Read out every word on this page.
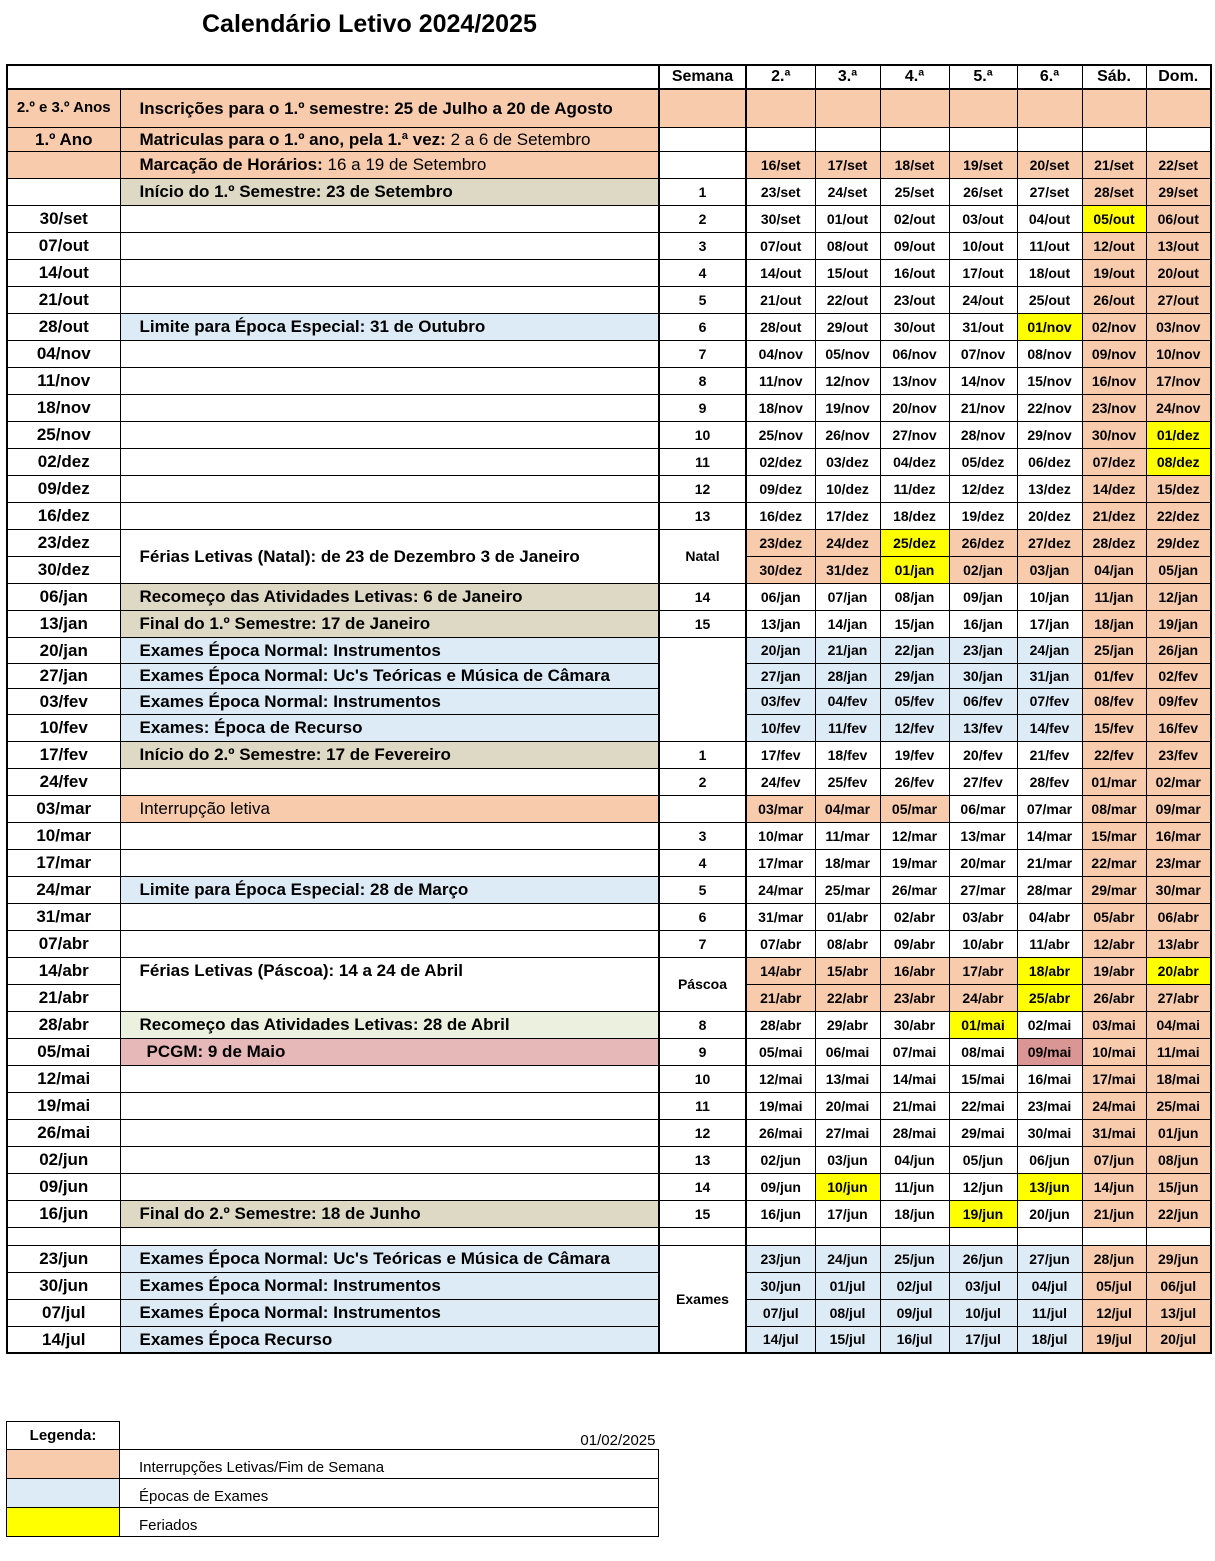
Calendário Letivo 2024/2025
		Semana	2.ª	3.ª	4.ª	5.ª	6.ª	Sáb.	Dom.
2.º e 3.º Anos	Inscrições para o 1.º semestre: 25 de Julho a 20 de Agosto								
1.º Ano	Matriculas para o 1.º ano, pela 1.ª vez: 2 a 6 de Setembro								
	Marcação de Horários: 16 a 19 de Setembro		16/set	17/set	18/set	19/set	20/set	21/set	22/set
	Início do 1.º Semestre: 23 de Setembro	1	23/set	24/set	25/set	26/set	27/set	28/set	29/set
30/set		2	30/set	01/out	02/out	03/out	04/out	05/out	06/out
07/out		3	07/out	08/out	09/out	10/out	11/out	12/out	13/out
14/out		4	14/out	15/out	16/out	17/out	18/out	19/out	20/out
21/out		5	21/out	22/out	23/out	24/out	25/out	26/out	27/out
28/out	Limite para Época Especial: 31 de Outubro	6	28/out	29/out	30/out	31/out	01/nov	02/nov	03/nov
04/nov		7	04/nov	05/nov	06/nov	07/nov	08/nov	09/nov	10/nov
11/nov		8	11/nov	12/nov	13/nov	14/nov	15/nov	16/nov	17/nov
18/nov		9	18/nov	19/nov	20/nov	21/nov	22/nov	23/nov	24/nov
25/nov		10	25/nov	26/nov	27/nov	28/nov	29/nov	30/nov	01/dez
02/dez		11	02/dez	03/dez	04/dez	05/dez	06/dez	07/dez	08/dez
09/dez		12	09/dez	10/dez	11/dez	12/dez	13/dez	14/dez	15/dez
16/dez		13	16/dez	17/dez	18/dez	19/dez	20/dez	21/dez	22/dez
23/dez	Férias Letivas (Natal): de 23 de Dezembro 3 de Janeiro	Natal	23/dez	24/dez	25/dez	26/dez	27/dez	28/dez	29/dez
30/dez			30/dez	31/dez	01/jan	02/jan	03/jan	04/jan	05/jan
06/jan	Recomeço das Atividades Letivas: 6 de Janeiro	14	06/jan	07/jan	08/jan	09/jan	10/jan	11/jan	12/jan
13/jan	Final do 1.º Semestre: 17 de Janeiro	15	13/jan	14/jan	15/jan	16/jan	17/jan	18/jan	19/jan
20/jan	Exames Época Normal: Instrumentos		20/jan	21/jan	22/jan	23/jan	24/jan	25/jan	26/jan
27/jan	Exames Época Normal: Uc's Teóricas e Música de Câmara		27/jan	28/jan	29/jan	30/jan	31/jan	01/fev	02/fev
03/fev	Exames Época Normal: Instrumentos		03/fev	04/fev	05/fev	06/fev	07/fev	08/fev	09/fev
10/fev	Exames: Época de Recurso		10/fev	11/fev	12/fev	13/fev	14/fev	15/fev	16/fev
17/fev	Início do 2.º Semestre: 17 de Fevereiro	1	17/fev	18/fev	19/fev	20/fev	21/fev	22/fev	23/fev
24/fev		2	24/fev	25/fev	26/fev	27/fev	28/fev	01/mar	02/mar
03/mar	Interrupção letiva		03/mar	04/mar	05/mar	06/mar	07/mar	08/mar	09/mar
10/mar		3	10/mar	11/mar	12/mar	13/mar	14/mar	15/mar	16/mar
17/mar		4	17/mar	18/mar	19/mar	20/mar	21/mar	22/mar	23/mar
24/mar	Limite para Época Especial: 28 de Março	5	24/mar	25/mar	26/mar	27/mar	28/mar	29/mar	30/mar
31/mar		6	31/mar	01/abr	02/abr	03/abr	04/abr	05/abr	06/abr
07/abr		7	07/abr	08/abr	09/abr	10/abr	11/abr	12/abr	13/abr
14/abr	Férias Letivas (Páscoa): 14 a 24 de Abril	Páscoa	14/abr	15/abr	16/abr	17/abr	18/abr	19/abr	20/abr
21/abr			21/abr	22/abr	23/abr	24/abr	25/abr	26/abr	27/abr
28/abr	Recomeço das Atividades Letivas: 28 de Abril	8	28/abr	29/abr	30/abr	01/mai	02/mai	03/mai	04/mai
05/mai	PCGM: 9 de Maio	9	05/mai	06/mai	07/mai	08/mai	09/mai	10/mai	11/mai
12/mai		10	12/mai	13/mai	14/mai	15/mai	16/mai	17/mai	18/mai
19/mai		11	19/mai	20/mai	21/mai	22/mai	23/mai	24/mai	25/mai
26/mai		12	26/mai	27/mai	28/mai	29/mai	30/mai	31/mai	01/jun
02/jun		13	02/jun	03/jun	04/jun	05/jun	06/jun	07/jun	08/jun
09/jun		14	09/jun	10/jun	11/jun	12/jun	13/jun	14/jun	15/jun
16/jun	Final do 2.º Semestre: 18 de Junho	15	16/jun	17/jun	18/jun	19/jun	20/jun	21/jun	22/jun

23/jun	Exames Época Normal: Uc's Teóricas e Música de Câmara	Exames	23/jun	24/jun	25/jun	26/jun	27/jun	28/jun	29/jun
30/jun	Exames Época Normal: Instrumentos		30/jun	01/jul	02/jul	03/jul	04/jul	05/jul	06/jul
07/jul	Exames Época Normal: Instrumentos		07/jul	08/jul	09/jul	10/jul	11/jul	12/jul	13/jul
14/jul	Exames Época Recurso		14/jul	15/jul	16/jul	17/jul	18/jul	19/jul	20/jul
Legenda:	01/02/2025
	Interrupções Letivas/Fim de Semana
	Épocas de Exames
	Feriados
